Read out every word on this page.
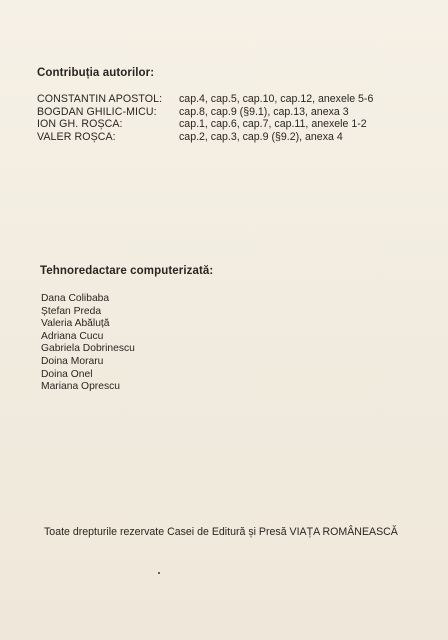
Contribuția autorilor:
CONSTANTIN APOSTOL: cap.4, cap.5, cap.10, cap.12, anexele 5-6
BOGDAN GHILIC-MICU: cap.8, cap.9 (§9.1), cap.13, anexa 3
ION GH. ROȘCA:	cap.1, cap.6, cap.7, cap.11, anexele 1-2
VALER ROȘCA:	cap.2, cap.3, cap.9 (§9.2), anexa 4
Tehnoredactare computerizată:
Dana Colibaba
Ștefan Preda
Valeria Abăluță
Adriana Cucu
Gabriela Dobrinescu
Doina Moraru
Doina Onel
Mariana Oprescu
Toate drepturile rezervate Casei de Editură și Presă VIAȚA ROMÂNEASCĂ
